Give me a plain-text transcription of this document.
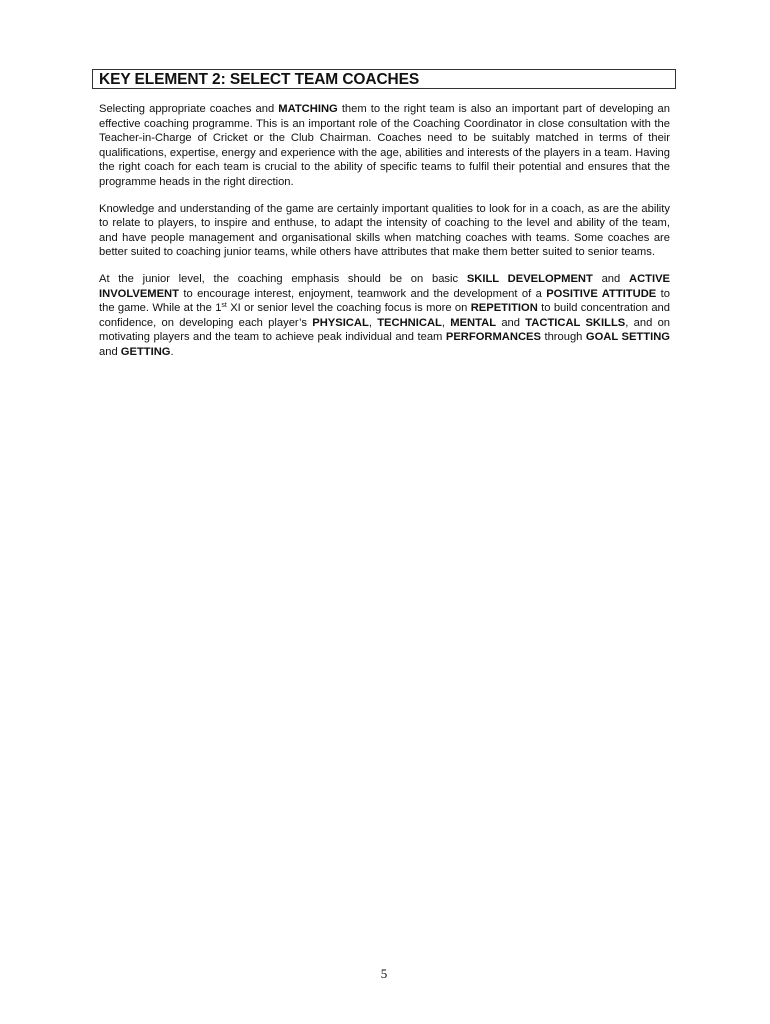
KEY ELEMENT 2: SELECT TEAM COACHES

Selecting appropriate coaches and MATCHING them to the right team is also an important part of developing an effective coaching programme. This is an important role of the Coaching Coordinator in close consultation with the Teacher-in-Charge of Cricket or the Club Chairman. Coaches need to be suitably matched in terms of their qualifications, expertise, energy and experience with the age, abilities and interests of the players in a team. Having the right coach for each team is crucial to the ability of specific teams to fulfil their potential and ensures that the programme heads in the right direction.

Knowledge and understanding of the game are certainly important qualities to look for in a coach, as are the ability to relate to players, to inspire and enthuse, to adapt the intensity of coaching to the level and ability of the team, and have people management and organisational skills when matching coaches with teams. Some coaches are better suited to coaching junior teams, while others have attributes that make them better suited to senior teams.

At the junior level, the coaching emphasis should be on basic SKILL DEVELOPMENT and ACTIVE INVOLVEMENT to encourage interest, enjoyment, teamwork and the development of a POSITIVE ATTITUDE to the game. While at the 1st XI or senior level the coaching focus is more on REPETITION to build concentration and confidence, on developing each player’s PHYSICAL, TECHNICAL, MENTAL and TACTICAL SKILLS, and on motivating players and the team to achieve peak individual and team PERFORMANCES through GOAL SETTING and GETTING.

5
